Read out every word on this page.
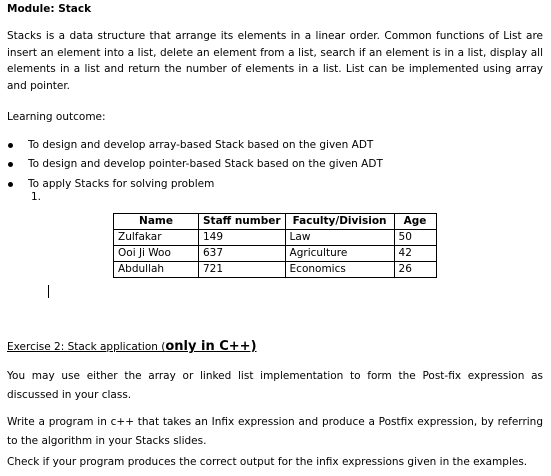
Module: Stack

Stacks is a data structure that arrange its elements in a linear order. Common functions of List are insert an element into a list, delete an element from a list, search if an element is in a list, display all elements in a list and return the number of elements in a list. List can be implemented using array and pointer.

Learning outcome:

To design and develop array-based Stack based on the given ADT
To design and develop pointer-based Stack based on the given ADT
To apply Stacks for solving problem
1.
Name	Staff number	Faculty/Division	Age
Zulfakar	149	Law	50
Ooi Ji Woo	637	Agriculture	42
Abdullah	721	Economics	26

Exercise 2: Stack application (only in C++)

You may use either the array or linked list implementation to form the Post-fix expression as discussed in your class.

Write a program in c++ that takes an Infix expression and produce a Postfix expression, by referring to the algorithm in your Stacks slides.

Check if your program produces the correct output for the infix expressions given in the examples.
